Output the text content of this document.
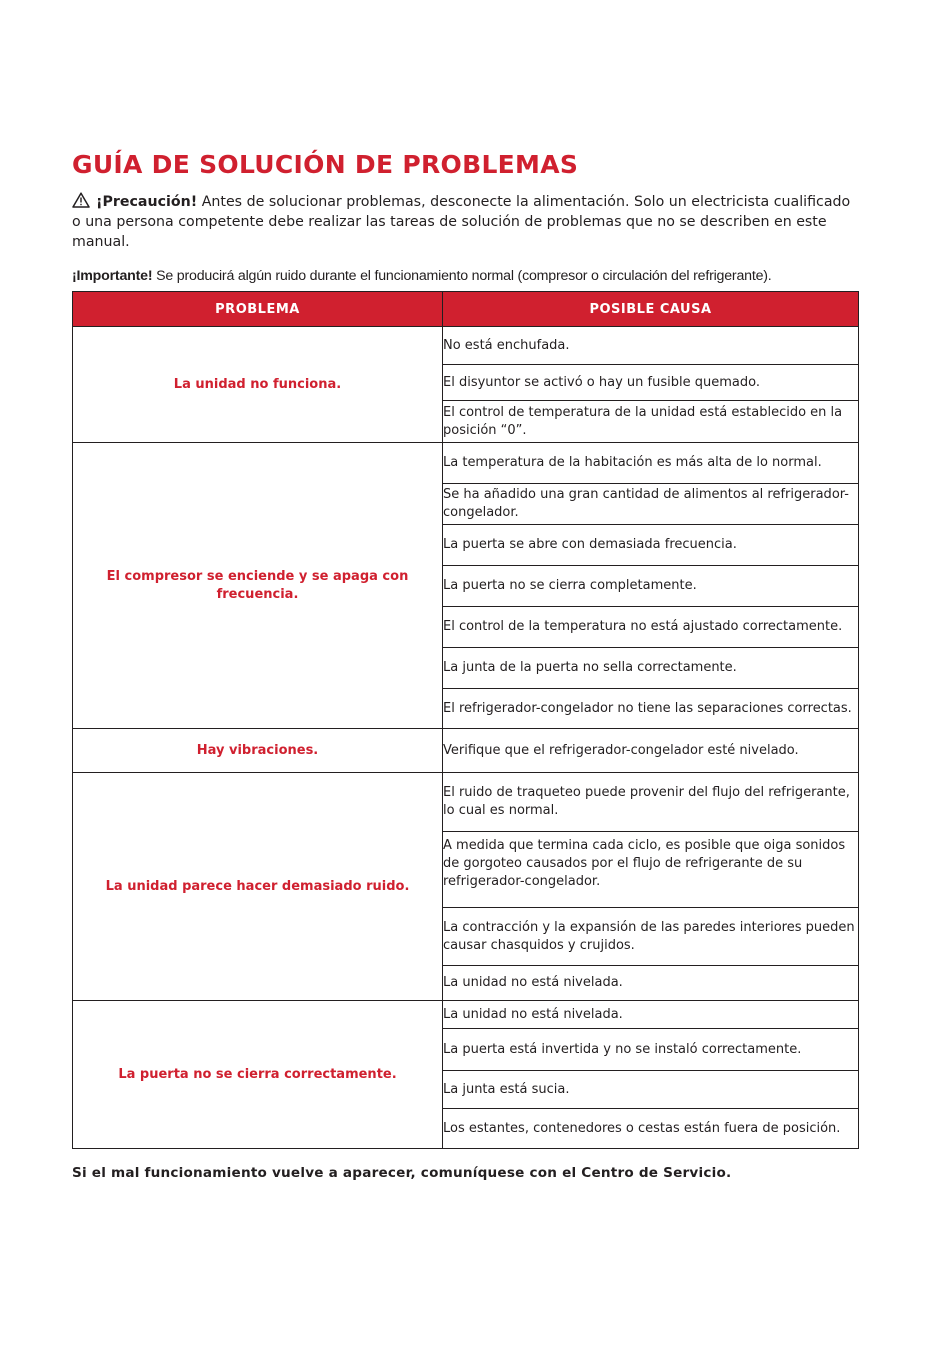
GUÍA DE SOLUCIÓN DE PROBLEMAS
¡Precaución! Antes de solucionar problemas, desconecte la alimentación. Solo un electricista cualificado o una persona competente debe realizar las tareas de solución de problemas que no se describen en este manual.
¡Importante! Se producirá algún ruido durante el funcionamiento normal (compresor o circulación del refrigerante).
PROBLEMA	POSIBLE CAUSA
La unidad no funciona.	No está enchufada.
	El disyuntor se activó o hay un fusible quemado.
	El control de temperatura de la unidad está establecido en la posición “0”.
El compresor se enciende y se apaga con frecuencia.	La temperatura de la habitación es más alta de lo normal.
	Se ha añadido una gran cantidad de alimentos al refrigerador-congelador.
	La puerta se abre con demasiada frecuencia.
	La puerta no se cierra completamente.
	El control de la temperatura no está ajustado correctamente.
	La junta de la puerta no sella correctamente.
	El refrigerador-congelador no tiene las separaciones correctas.
Hay vibraciones.	Verifique que el refrigerador-congelador esté nivelado.
La unidad parece hacer demasiado ruido.	El ruido de traqueteo puede provenir del flujo del refrigerante, lo cual es normal.
	A medida que termina cada ciclo, es posible que oiga sonidos de gorgoteo causados por el flujo de refrigerante de su refrigerador-congelador.
	La contracción y la expansión de las paredes interiores pueden causar chasquidos y crujidos.
	La unidad no está nivelada.
La puerta no se cierra correctamente.	La unidad no está nivelada.
	La puerta está invertida y no se instaló correctamente.
	La junta está sucia.
	Los estantes, contenedores o cestas están fuera de posición.
Si el mal funcionamiento vuelve a aparecer, comuníquese con el Centro de Servicio.
